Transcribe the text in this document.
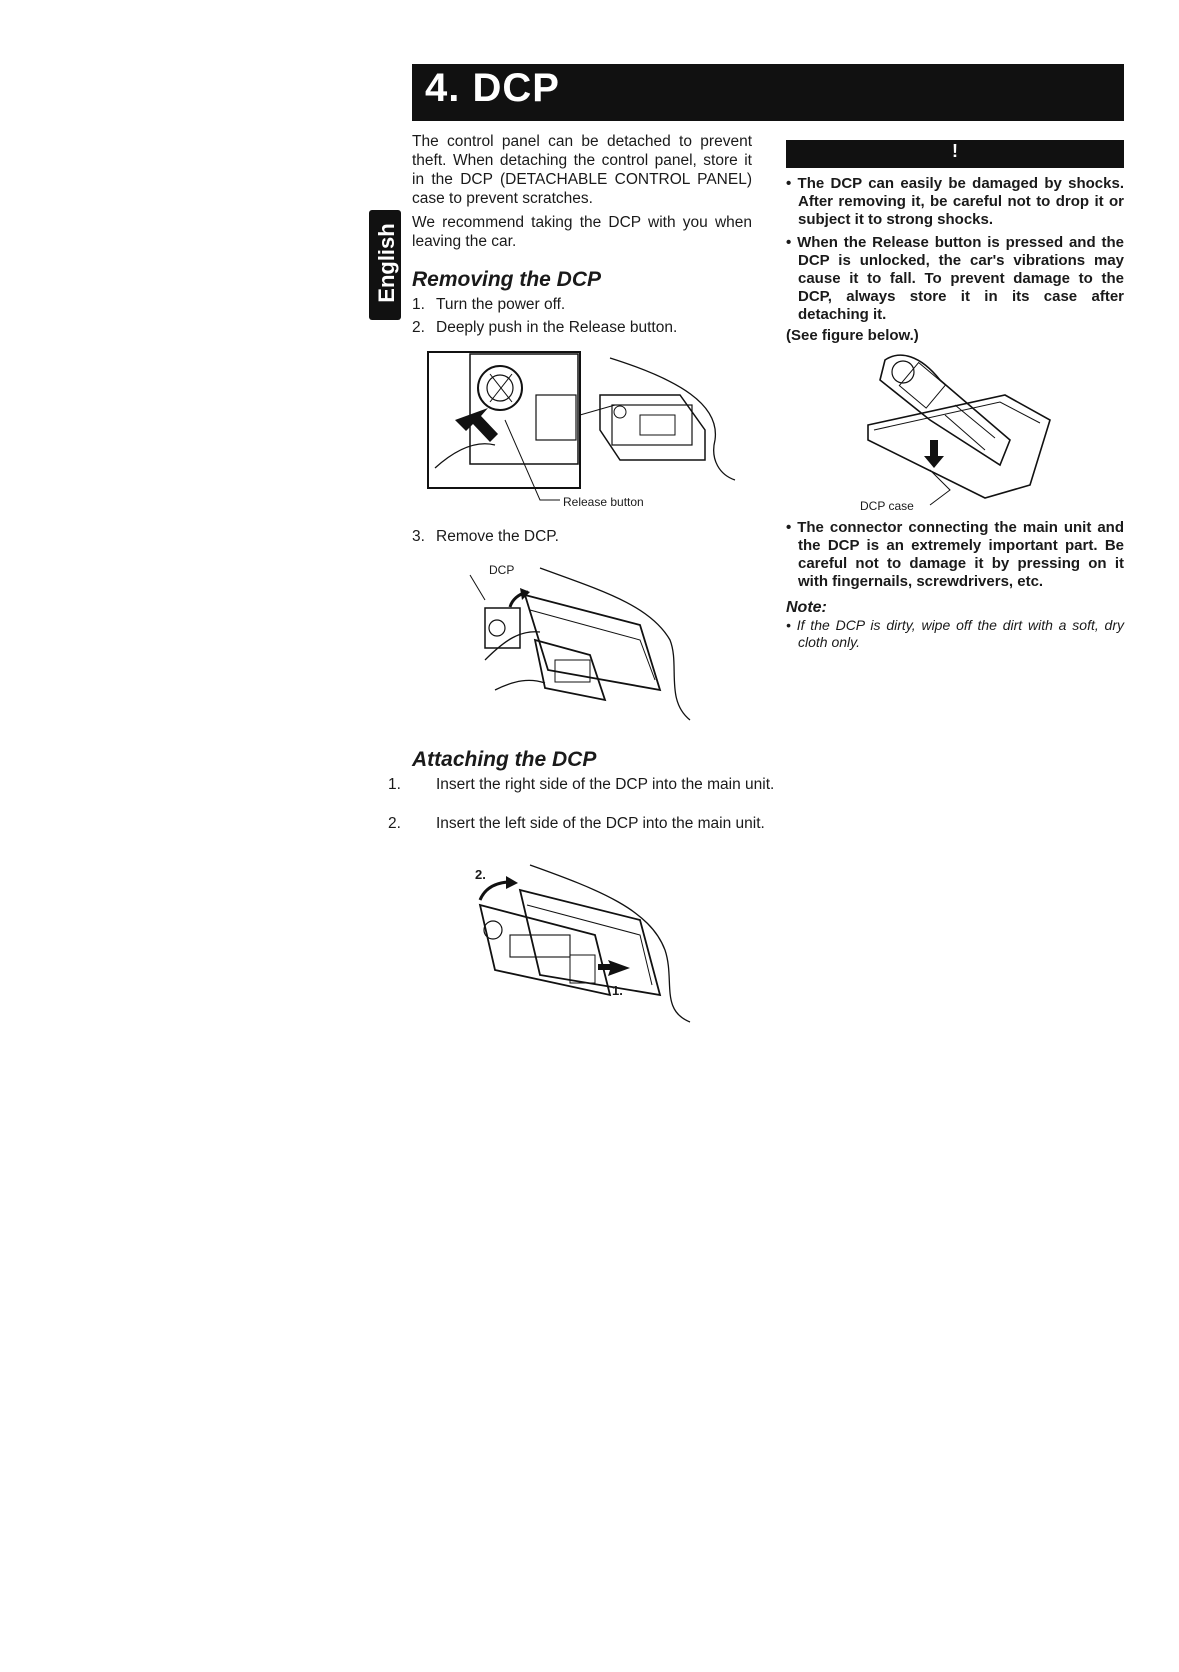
4. DCP
English
The control panel can be detached to prevent theft. When detaching the control panel, store it in the DCP (DETACHABLE CONTROL PANEL) case to prevent scratches.
We recommend taking the DCP with you when leaving the car.
Removing the DCP
1. Turn the power off.
2. Deeply push in the Release button.
Release button
3. Remove the DCP.
DCP
Attaching the DCP
1. Insert the right side of the DCP into the main unit.
2. Insert the left side of the DCP into the main unit.
2.
1.
!

• The DCP can easily be damaged by shocks. After removing it, be careful not to drop it or subject it to strong shocks.

• When the Release button is pressed and the DCP is unlocked, the car's vibrations may cause it to fall. To prevent damage to the DCP, always store it in its case after detaching it.

(See figure below.)

DCP case

• The connector connecting the main unit and the DCP is an extremely important part. Be careful not to damage it by pressing on it with fingernails, screwdrivers, etc.

Note:
• If the DCP is dirty, wipe off the dirt with a soft, dry cloth only.
